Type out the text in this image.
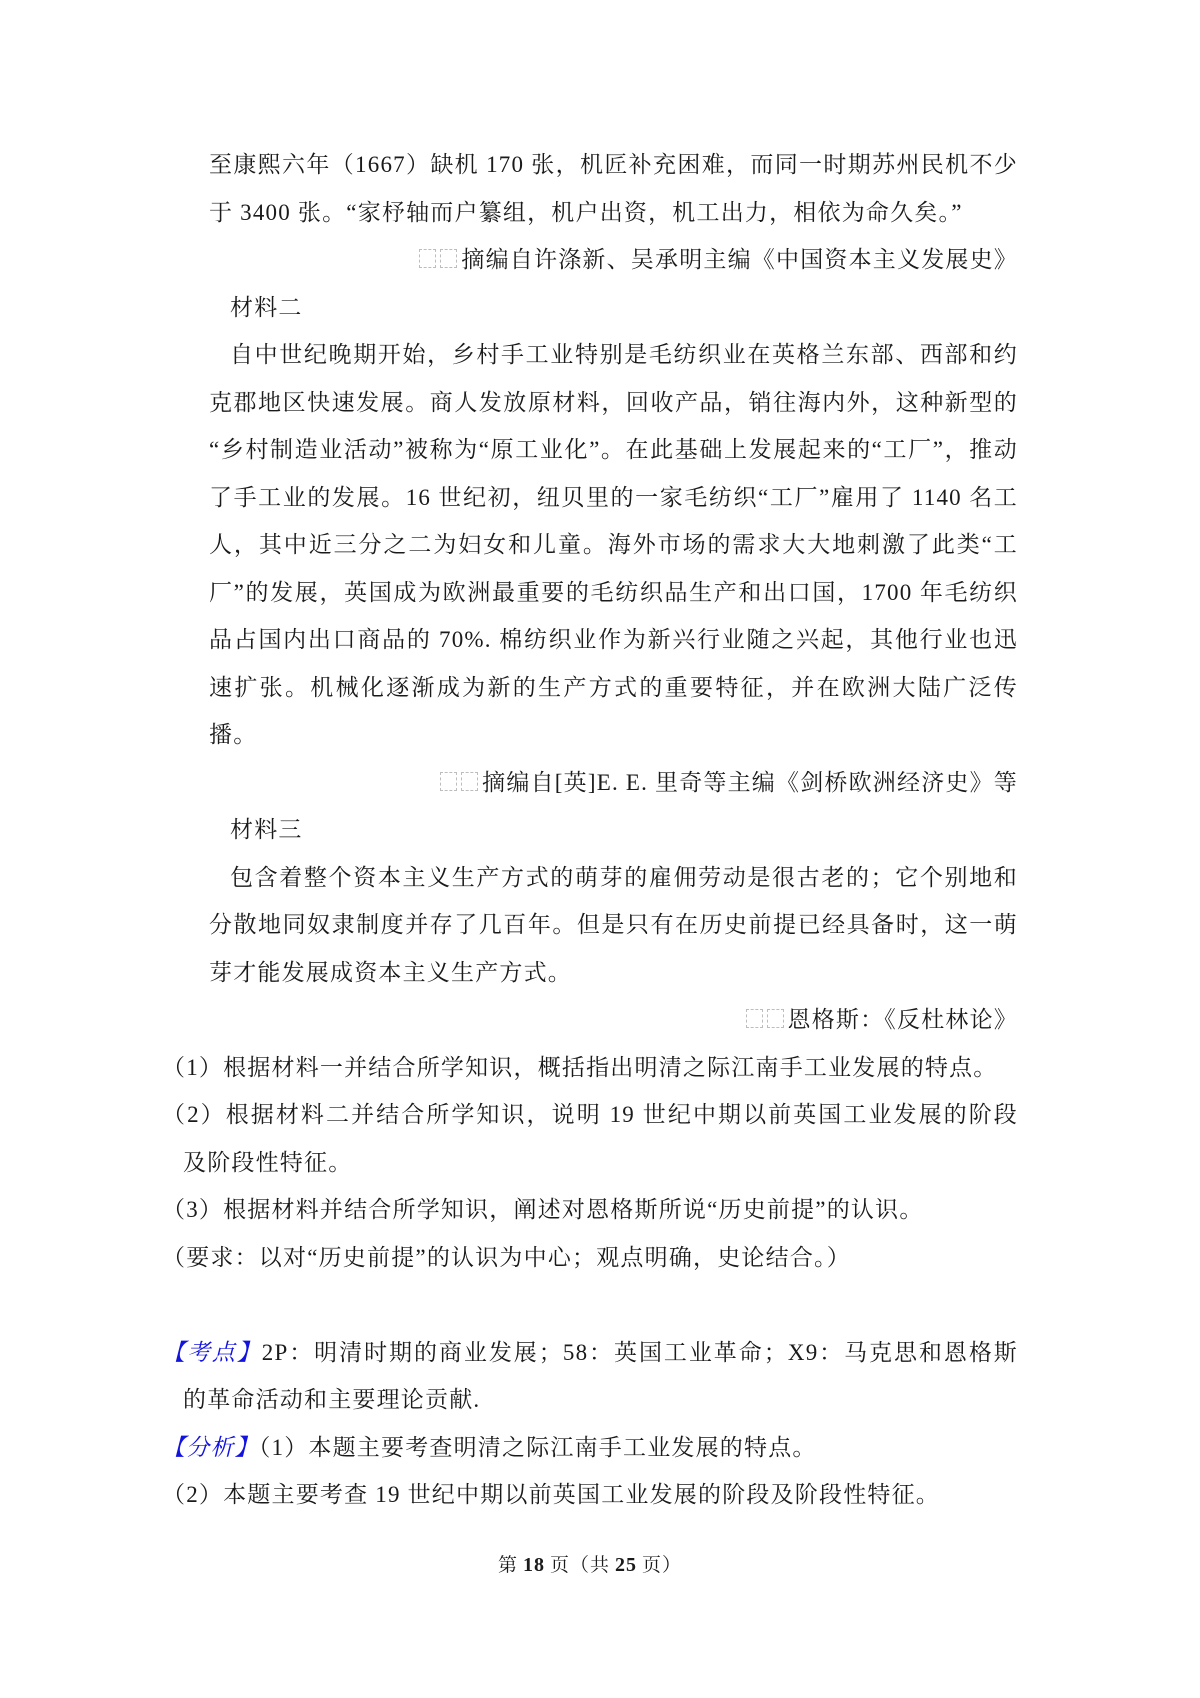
至康熙六年（1667）缺机 170 张，机匠补充困难，而同一时期苏州民机不少
于 3400 张。“家杼轴而户纂组，机户出资，机工出力，相依为命久矣。”
摘编自许涤新、吴承明主编《中国资本主义发展史》
材料二
自中世纪晚期开始，乡村手工业特别是毛纺织业在英格兰东部、西部和约
克郡地区快速发展。商人发放原材料，回收产品，销往海内外，这种新型的
“乡村制造业活动”被称为“原工业化”。在此基础上发展起来的“工厂”，推动
了手工业的发展。16 世纪初，纽贝里的一家毛纺织“工厂”雇用了 1140 名工
人，其中近三分之二为妇女和儿童。海外市场的需求大大地刺激了此类“工
厂”的发展，英国成为欧洲最重要的毛纺织品生产和出口国，1700 年毛纺织
品占国内出口商品的 70%. 棉纺织业作为新兴行业随之兴起，其他行业也迅
速扩张。机械化逐渐成为新的生产方式的重要特征，并在欧洲大陆广泛传
播。
摘编自[英]E. E. 里奇等主编《剑桥欧洲经济史》等
材料三
包含着整个资本主义生产方式的萌芽的雇佣劳动是很古老的；它个别地和
分散地同奴隶制度并存了几百年。但是只有在历史前提已经具备时，这一萌
芽才能发展成资本主义生产方式。
恩格斯：《反杜林论》
（1）根据材料一并结合所学知识，概括指出明清之际江南手工业发展的特点。
（2）根据材料二并结合所学知识，说明 19 世纪中期以前英国工业发展的阶段
及阶段性特征。
（3）根据材料并结合所学知识，阐述对恩格斯所说“历史前提”的认识。
（要求：以对“历史前提”的认识为中心；观点明确，史论结合。）
【考点】2P：明清时期的商业发展；58：英国工业革命；X9：马克思和恩格斯
的革命活动和主要理论贡献.
【分析】（1）本题主要考查明清之际江南手工业发展的特点。
（2）本题主要考查 19 世纪中期以前英国工业发展的阶段及阶段性特征。
第 18 页（共 25 页）
